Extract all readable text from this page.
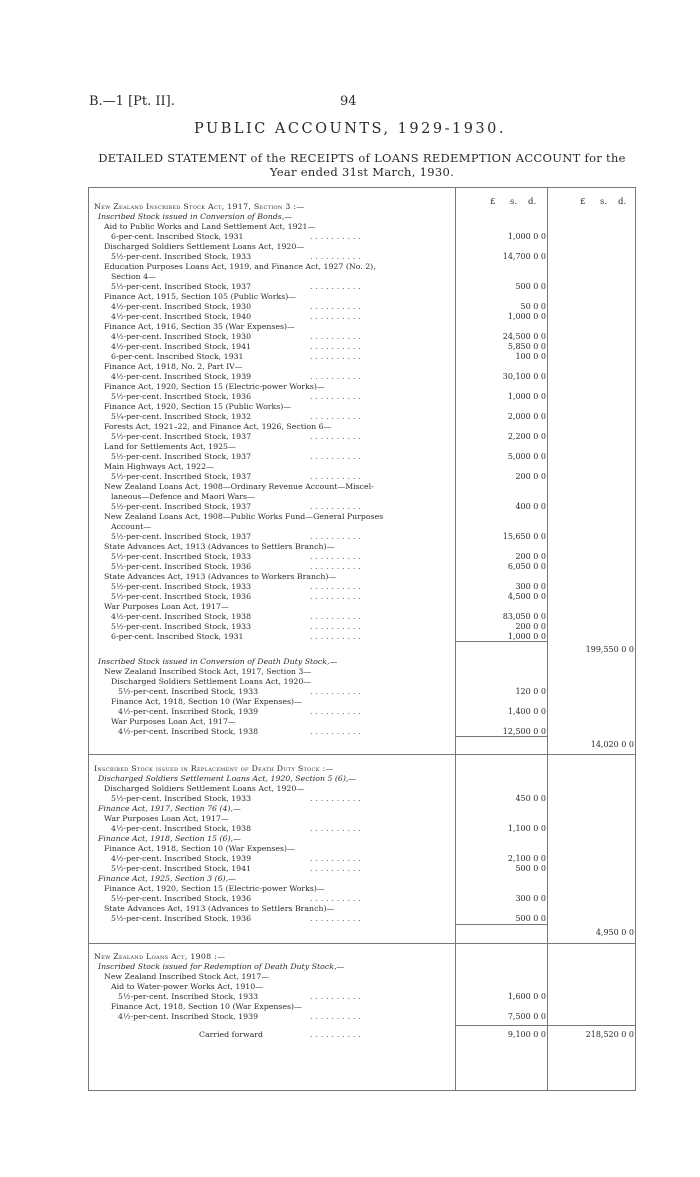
B.—1 [Pt. II].	94
PUBLIC ACCOUNTS, 1929-1930.
DETAILED STATEMENT of the RECEIPTS of LOANS REDEMPTION ACCOUNT for the Year ended 31st March, 1930.
£ s. d.	£ s. d.
New Zealand Inscribed Stock Act, 1917, Section 3 :—
Inscribed Stock issued in Conversion of Bonds,—
Aid to Public Works and Land Settlement Act, 1921—
6-per-cent. Inscribed Stock, 1931	. . . . . . . . . .	1,000 0 0
Discharged Soldiers Settlement Loans Act, 1920—
5½-per-cent. Inscribed Stock, 1933	. . . . . . . . . .	14,700 0 0
Education Purposes Loans Act, 1919, and Finance Act, 1927 (No. 2),
Section 4—
5½-per-cent. Inscribed Stock, 1937	. . . . . . . . . .	500 0 0
Finance Act, 1915, Section 105 (Public Works)—
4½-per-cent. Inscribed Stock, 1930	. . . . . . . . . .	50 0 0
4½-per-cent. Inscribed Stock, 1940	. . . . . . . . . .	1,000 0 0
Finance Act, 1916, Section 35 (War Expenses)—
4½-per-cent. Inscribed Stock, 1930	. . . . . . . . . .	24,500 0 0
4½-per-cent. Inscribed Stock, 1941	. . . . . . . . . .	5,850 0 0
6-per-cent. Inscribed Stock, 1931	. . . . . . . . . .	100 0 0
Finance Act, 1918, No. 2, Part IV—
4½-per-cent. Inscribed Stock, 1939	. . . . . . . . . .	30,100 0 0
Finance Act, 1920, Section 15 (Electric-power Works)—
5½-per-cent. Inscribed Stock, 1936	. . . . . . . . . .	1,000 0 0
Finance Act, 1920, Section 15 (Public Works)—
5¼-per-cent. Inscribed Stock, 1932	. . . . . . . . . .	2,000 0 0
Forests Act, 1921–22, and Finance Act, 1926, Section 6—
5½-per-cent. Inscribed Stock, 1937	. . . . . . . . . .	2,200 0 0
Land for Settlements Act, 1925—
5½-per-cent. Inscribed Stock, 1937	. . . . . . . . . .	5,000 0 0
Main Highways Act, 1922—
5½-per-cent. Inscribed Stock, 1937	. . . . . . . . . .	200 0 0
New Zealand Loans Act, 1908—Ordinary Revenue Account—Miscel-
laneous—Defence and Maori Wars—
5½-per-cent. Inscribed Stock, 1937	. . . . . . . . . .	400 0 0
New Zealand Loans Act, 1908—Public Works Fund—General Purposes
Account—
5½-per-cent. Inscribed Stock, 1937	. . . . . . . . . .	15,650 0 0
State Advances Act, 1913 (Advances to Settlers Branch)—
5½-per-cent. Inscribed Stock, 1933	. . . . . . . . . .	200 0 0
5½-per-cent. Inscribed Stock, 1936	. . . . . . . . . .	6,050 0 0
State Advances Act, 1913 (Advances to Workers Branch)—
5½-per-cent. Inscribed Stock, 1933	. . . . . . . . . .	300 0 0
5½-per-cent. Inscribed Stock, 1936	. . . . . . . . . .	4,500 0 0
War Purposes Loan Act, 1917—
4½-per-cent. Inscribed Stock, 1938	. . . . . . . . . .	83,050 0 0
5½-per-cent. Inscribed Stock, 1933	. . . . . . . . . .	200 0 0
6-per-cent. Inscribed Stock, 1931	. . . . . . . . . .	1,000 0 0
199,550 0 0
Inscribed Stock issued in Conversion of Death Duty Stock,—
New Zealand Inscribed Stock Act, 1917, Section 3—
Discharged Soldiers Settlement Loans Act, 1920—
5½-per-cent. Inscribed Stock, 1933	. . . . . . . . . .	120 0 0
Finance Act, 1918, Section 10 (War Expenses)—
4½-per-cent. Inscribed Stock, 1939	. . . . . . . . . .	1,400 0 0
War Purposes Loan Act, 1917—
4½-per-cent. Inscribed Stock, 1938	. . . . . . . . . .	12,500 0 0
14,020 0 0
Inscribed Stock issued in Replacement of Death Duty Stock :—
Discharged Soldiers Settlement Loans Act, 1920, Section 5 (6),—
Discharged Soldiers Settlement Loans Act, 1920—
5½-per-cent. Inscribed Stock, 1933	. . . . . . . . . .	450 0 0
Finance Act, 1917, Section 76 (4),—
War Purposes Loan Act, 1917—
4½-per-cent. Inscribed Stock, 1938	. . . . . . . . . .	1,100 0 0
Finance Act, 1918, Section 15 (6),—
Finance Act, 1918, Section 10 (War Expenses)—
4½-per-cent. Inscribed Stock, 1939	. . . . . . . . . .	2,100 0 0
5½-per-cent. Inscribed Stock, 1941	. . . . . . . . . .	500 0 0
Finance Act, 1925, Section 3 (6),—
Finance Act, 1920, Section 15 (Electric-power Works)—
5½-per-cent. Inscribed Stock, 1936	. . . . . . . . . .	300 0 0
State Advances Act, 1913 (Advances to Settlers Branch)—
5½-per-cent. Inscribed Stock, 1936	. . . . . . . . . .	500 0 0
4,950 0 0
New Zealand Loans Act, 1908 :—
Inscribed Stock issued for Redemption of Death Duty Stock,—
New Zealand Inscribed Stock Act, 1917—
Aid to Water-power Works Act, 1910—
5½-per-cent. Inscribed Stock, 1933	. . . . . . . . . .	1,600 0 0
Finance Act, 1918, Section 10 (War Expenses)—
4½-per-cent. Inscribed Stock, 1939	. . . . . . . . . .	7,500 0 0
Carried forward	. . . . . . . . . .	9,100 0 0	218,520 0 0
